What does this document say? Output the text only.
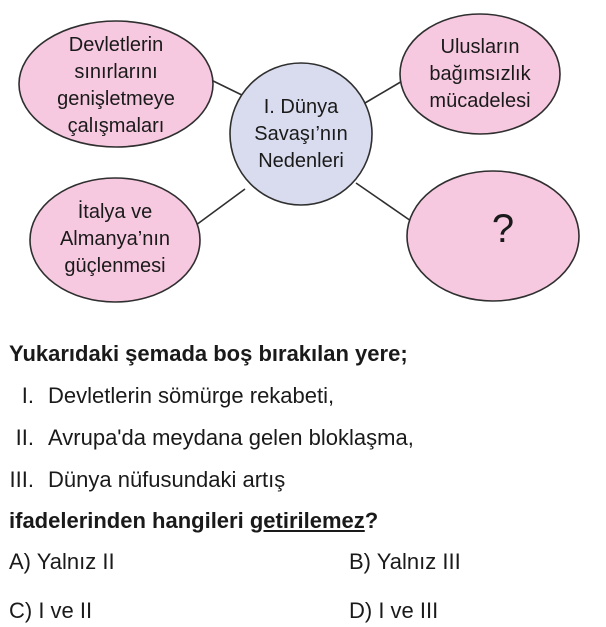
Devletlerin
sınırlarını
genişletmeye
çalışmaları
Ulusların
bağımsızlık
mücadelesi
I. Dünya
Savaşı’nın
Nedenleri
İtalya ve
Almanya’nın
güçlenmesi
?
Yukarıdaki şemada boş bırakılan yere;
I. Devletlerin sömürge rekabeti,
II. Avrupa'da meydana gelen bloklaşma,
III. Dünya nüfusundaki artış
ifadelerinden hangileri getirilemez?
A) Yalnız II	B) Yalnız III
C) I ve II	D) I ve III
